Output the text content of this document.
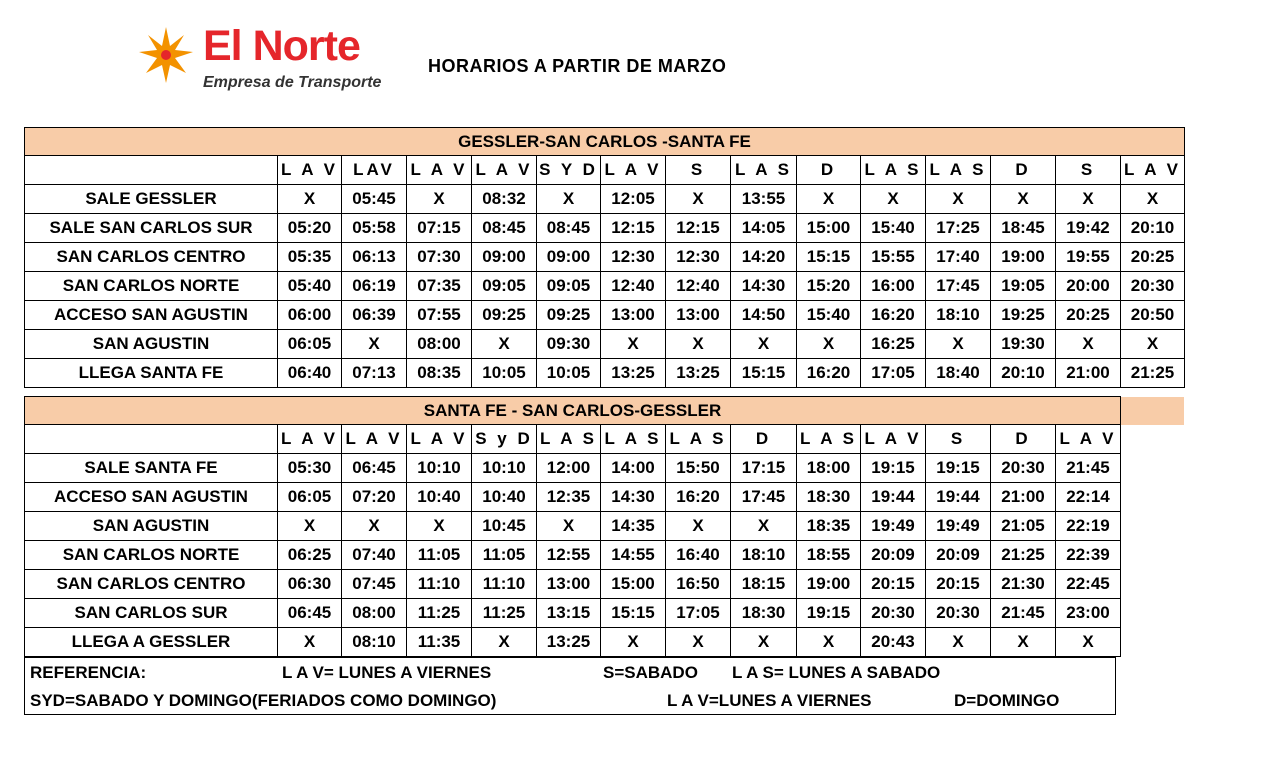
El Norte
Empresa de Transporte
HORARIOS A PARTIR DE MARZO
GESSLER-SAN CARLOS -SANTA FE														
	L A V	LAV	L A V	L A V	S Y D	L A V	S	L A S	D	L A S	L A S	D	S	L A V
SALE GESSLER	X	05:45	X	08:32	X	12:05	X	13:55	X	X	X	X	X	X
SALE SAN CARLOS SUR	05:20	05:58	07:15	08:45	08:45	12:15	12:15	14:05	15:00	15:40	17:25	18:45	19:42	20:10
SAN CARLOS CENTRO	05:35	06:13	07:30	09:00	09:00	12:30	12:30	14:20	15:15	15:55	17:40	19:00	19:55	20:25
SAN CARLOS NORTE	05:40	06:19	07:35	09:05	09:05	12:40	12:40	14:30	15:20	16:00	17:45	19:05	20:00	20:30
ACCESO SAN AGUSTIN	06:00	06:39	07:55	09:25	09:25	13:00	13:00	14:50	15:40	16:20	18:10	19:25	20:25	20:50
SAN AGUSTIN	06:05	X	08:00	X	09:30	X	X	X	X	16:25	X	19:30	X	X
LLEGA SANTA FE	06:40	07:13	08:35	10:05	10:05	13:25	13:25	15:15	16:20	17:05	18:40	20:10	21:00	21:25
SANTA FE - SAN CARLOS-GESSLER														
	L A V	L A V	L A V	S y D	L A S	L A S	L A S	D	L A S	L A V	S	D	L A V	
SALE SANTA FE	05:30	06:45	10:10	10:10	12:00	14:00	15:50	17:15	18:00	19:15	19:15	20:30	21:45	
ACCESO SAN AGUSTIN	06:05	07:20	10:40	10:40	12:35	14:30	16:20	17:45	18:30	19:44	19:44	21:00	22:14	
SAN AGUSTIN	X	X	X	10:45	X	14:35	X	X	18:35	19:49	19:49	21:05	22:19	
SAN CARLOS NORTE	06:25	07:40	11:05	11:05	12:55	14:55	16:40	18:10	18:55	20:09	20:09	21:25	22:39	
SAN CARLOS CENTRO	06:30	07:45	11:10	11:10	13:00	15:00	16:50	18:15	19:00	20:15	20:15	21:30	22:45	
SAN CARLOS SUR	06:45	08:00	11:25	11:25	13:15	15:15	17:05	18:30	19:15	20:30	20:30	21:45	23:00	
LLEGA A GESSLER	X	08:10	11:35	X	13:25	X	X	X	X	20:43	X	X	X	
REFERENCIA:	L A V= LUNES A VIERNES	S=SABADO L A S= LUNES A SABADO
SYD=SABADO Y DOMINGO(FERIADOS COMO DOMINGO)	L A V=LUNES A VIERNES	D=DOMINGO
